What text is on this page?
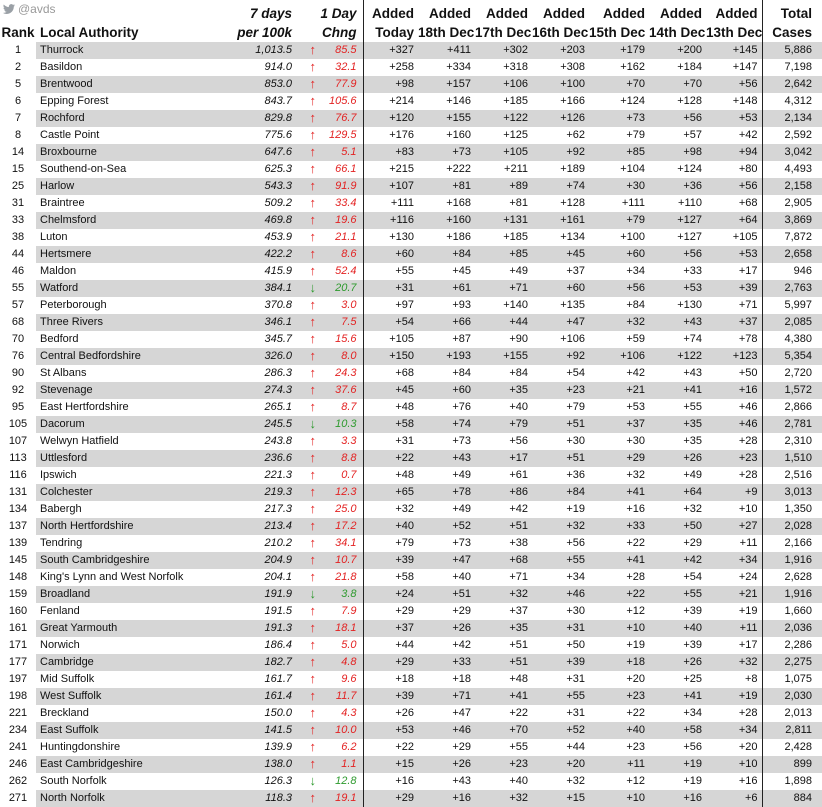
@avds
			7 days	1 Day		Added	Added	Added	Added	Added	Added	Added	Total
Rank	Local Authority	per 100k	Chng		Today	18th Dec	17th Dec	16th Dec	15th Dec	14th Dec	13th Dec	Cases
1	Thurrock	1,013.5	↑	85.5	+327	+411	+302	+203	+179	+200	+145	5,886
2	Basildon	914.0	↑	32.1	+258	+334	+318	+308	+162	+184	+147	7,198
5	Brentwood	853.0	↑	77.9	+98	+157	+106	+100	+70	+70	+56	2,642
6	Epping Forest	843.7	↑	105.6	+214	+146	+185	+166	+124	+128	+148	4,312
7	Rochford	829.8	↑	76.7	+120	+155	+122	+126	+73	+56	+53	2,134
8	Castle Point	775.6	↑	129.5	+176	+160	+125	+62	+79	+57	+42	2,592
14	Broxbourne	647.6	↑	5.1	+83	+73	+105	+92	+85	+98	+94	3,042
15	Southend-on-Sea	625.3	↑	66.1	+215	+222	+211	+189	+104	+124	+80	4,493
25	Harlow	543.3	↑	91.9	+107	+81	+89	+74	+30	+36	+56	2,158
31	Braintree	509.2	↑	33.4	+111	+168	+81	+128	+111	+110	+68	2,905
33	Chelmsford	469.8	↑	19.6	+116	+160	+131	+161	+79	+127	+64	3,869
38	Luton	453.9	↑	21.1	+130	+186	+185	+134	+100	+127	+105	7,872
44	Hertsmere	422.2	↑	8.6	+60	+84	+85	+45	+60	+56	+53	2,658
46	Maldon	415.9	↑	52.4	+55	+45	+49	+37	+34	+33	+17	946
55	Watford	384.1	↓	20.7	+31	+61	+71	+60	+56	+53	+39	2,763
57	Peterborough	370.8	↑	3.0	+97	+93	+140	+135	+84	+130	+71	5,997
68	Three Rivers	346.1	↑	7.5	+54	+66	+44	+47	+32	+43	+37	2,085
70	Bedford	345.7	↑	15.6	+105	+87	+90	+106	+59	+74	+78	4,380
76	Central Bedfordshire	326.0	↑	8.0	+150	+193	+155	+92	+106	+122	+123	5,354
90	St Albans	286.3	↑	24.3	+68	+84	+84	+54	+42	+43	+50	2,720
92	Stevenage	274.3	↑	37.6	+45	+60	+35	+23	+21	+41	+16	1,572
95	East Hertfordshire	265.1	↑	8.7	+48	+76	+40	+79	+53	+55	+46	2,866
105	Dacorum	245.5	↓	10.3	+58	+74	+79	+51	+37	+35	+46	2,781
107	Welwyn Hatfield	243.8	↑	3.3	+31	+73	+56	+30	+30	+35	+28	2,310
113	Uttlesford	236.6	↑	8.8	+22	+43	+17	+51	+29	+26	+23	1,510
116	Ipswich	221.3	↑	0.7	+48	+49	+61	+36	+32	+49	+28	2,516
131	Colchester	219.3	↑	12.3	+65	+78	+86	+84	+41	+64	+9	3,013
134	Babergh	217.3	↑	25.0	+32	+49	+42	+19	+16	+32	+10	1,350
137	North Hertfordshire	213.4	↑	17.2	+40	+52	+51	+32	+33	+50	+27	2,028
139	Tendring	210.2	↑	34.1	+79	+73	+38	+56	+22	+29	+11	2,166
145	South Cambridgeshire	204.9	↑	10.7	+39	+47	+68	+55	+41	+42	+34	1,916
148	King's Lynn and West Norfolk	204.1	↑	21.8	+58	+40	+71	+34	+28	+54	+24	2,628
159	Broadland	191.9	↓	3.8	+24	+51	+32	+46	+22	+55	+21	1,916
160	Fenland	191.5	↑	7.9	+29	+29	+37	+30	+12	+39	+19	1,660
161	Great Yarmouth	191.3	↑	18.1	+37	+26	+35	+31	+10	+40	+11	2,036
171	Norwich	186.4	↑	5.0	+44	+42	+51	+50	+19	+39	+17	2,286
177	Cambridge	182.7	↑	4.8	+29	+33	+51	+39	+18	+26	+32	2,275
197	Mid Suffolk	161.7	↑	9.6	+18	+18	+48	+31	+20	+25	+8	1,075
198	West Suffolk	161.4	↑	11.7	+39	+71	+41	+55	+23	+41	+19	2,030
221	Breckland	150.0	↑	4.3	+26	+47	+22	+31	+22	+34	+28	2,013
234	East Suffolk	141.5	↑	10.0	+53	+46	+70	+52	+40	+58	+34	2,811
241	Huntingdonshire	139.9	↑	6.2	+22	+29	+55	+44	+23	+56	+20	2,428
246	East Cambridgeshire	138.0	↑	1.1	+15	+26	+23	+20	+11	+19	+10	899
262	South Norfolk	126.3	↓	12.8	+16	+43	+40	+32	+12	+19	+16	1,898
271	North Norfolk	118.3	↑	19.1	+29	+16	+32	+15	+10	+16	+6	884
